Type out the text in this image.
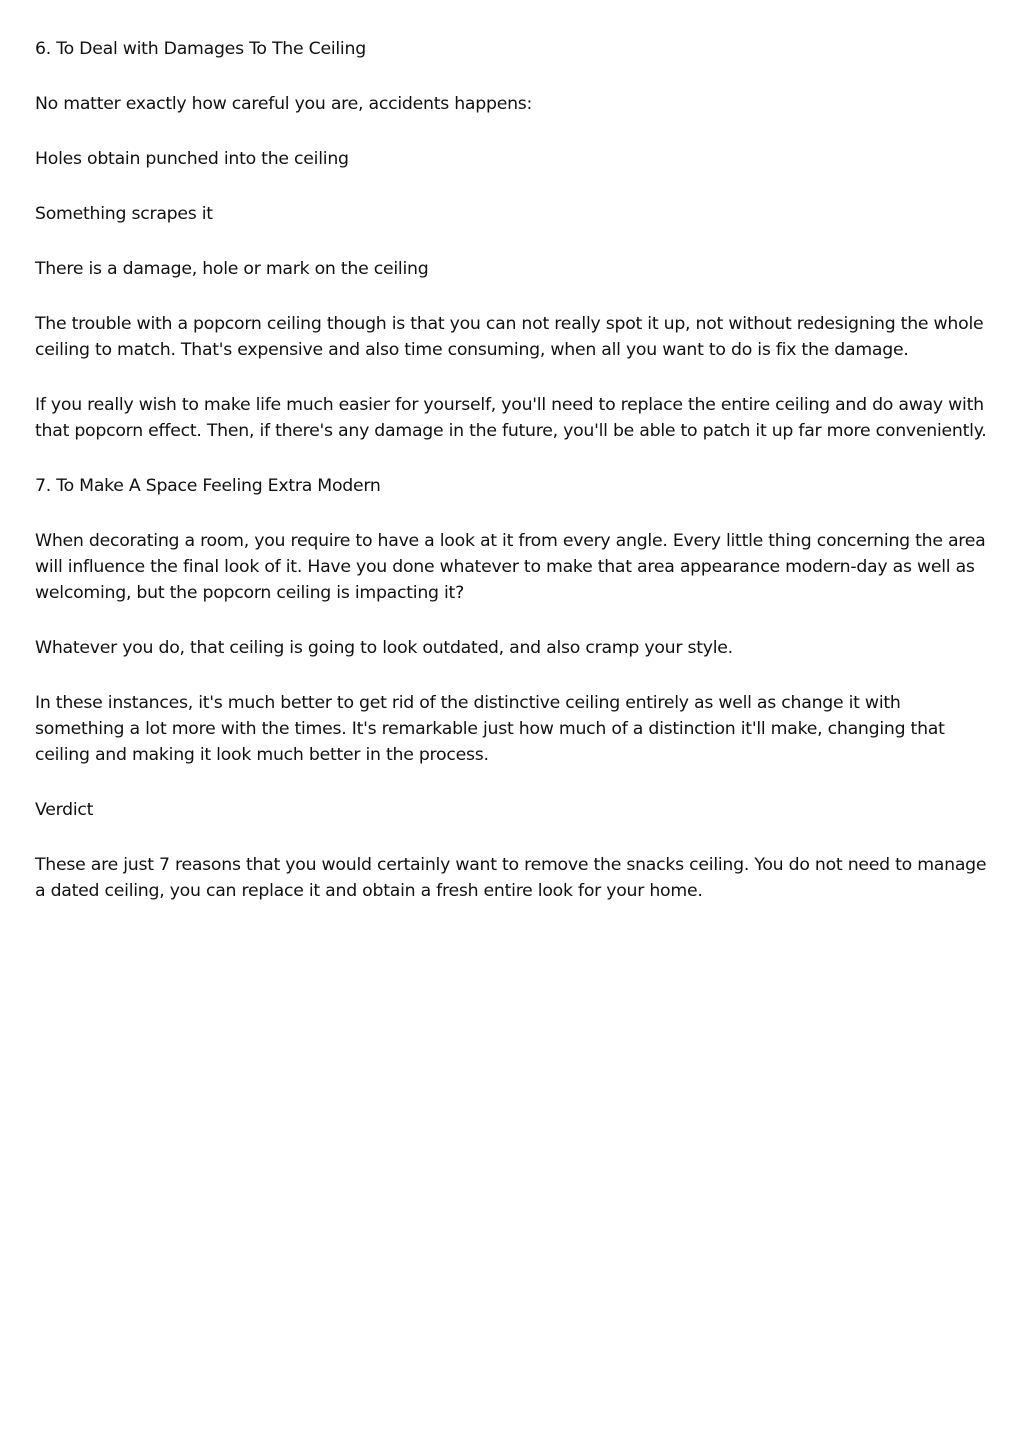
6. To Deal with Damages To The Ceiling

No matter exactly how careful you are, accidents happens:

Holes obtain punched into the ceiling

Something scrapes it

There is a damage, hole or mark on the ceiling

The trouble with a popcorn ceiling though is that you can not really spot it up, not without redesigning the whole ceiling to match. That's expensive and also time consuming, when all you want to do is fix the damage.

If you really wish to make life much easier for yourself, you'll need to replace the entire ceiling and do away with that popcorn effect. Then, if there's any damage in the future, you'll be able to patch it up far more conveniently.

7. To Make A Space Feeling Extra Modern

When decorating a room, you require to have a look at it from every angle. Every little thing concerning the area will influence the final look of it. Have you done whatever to make that area appearance modern-day as well as welcoming, but the popcorn ceiling is impacting it?

Whatever you do, that ceiling is going to look outdated, and also cramp your style.

In these instances, it's much better to get rid of the distinctive ceiling entirely as well as change it with something a lot more with the times. It's remarkable just how much of a distinction it'll make, changing that ceiling and making it look much better in the process.

Verdict

These are just 7 reasons that you would certainly want to remove the snacks ceiling. You do not need to manage a dated ceiling, you can replace it and obtain a fresh entire look for your home.
